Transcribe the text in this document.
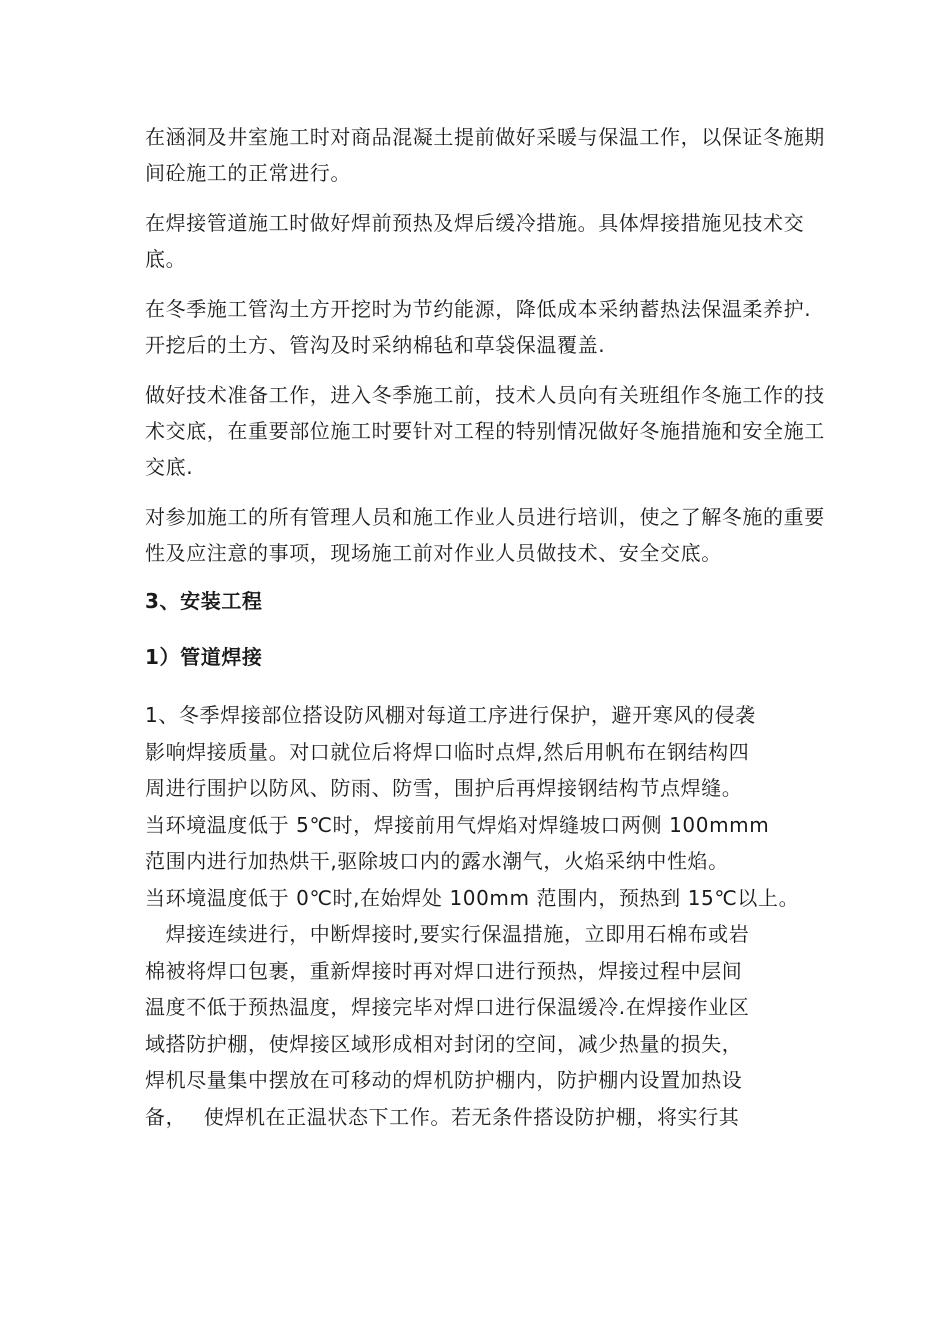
在涵洞及井室施工时对商品混凝土提前做好采暖与保温工作，以保证冬施期间砼施工的正常进行。

在焊接管道施工时做好焊前预热及焊后缓冷措施。具体焊接措施见技术交底。

在冬季施工管沟土方开挖时为节约能源，降低成本采纳蓄热法保温柔养护.开挖后的土方、管沟及时采纳棉毡和草袋保温覆盖.

做好技术准备工作，进入冬季施工前，技术人员向有关班组作冬施工作的技术交底，在重要部位施工时要针对工程的特别情况做好冬施措施和安全施工交底.

对参加施工的所有管理人员和施工作业人员进行培训，使之了解冬施的重要性及应注意的事项，现场施工前对作业人员做技术、安全交底。

3、安装工程
1）管道焊接
1、冬季焊接部位搭设防风棚对每道工序进行保护，避开寒风的侵袭
影响焊接质量。对口就位后将焊口临时点焊,然后用帆布在钢结构四
周进行围护以防风、防雨、防雪，围护后再焊接钢结构节点焊缝。
当环境温度低于 5℃时，焊接前用气焊焰对焊缝坡口两侧 100mmm
范围内进行加热烘干,驱除坡口内的露水潮气，火焰采纳中性焰。
当环境温度低于 0℃时,在始焊处 100mm 范围内，预热到 15℃以上。
　焊接连续进行，中断焊接时,要实行保温措施，立即用石棉布或岩
棉被将焊口包裹，重新焊接时再对焊口进行预热，焊接过程中层间
温度不低于预热温度，焊接完毕对焊口进行保温缓冷.在焊接作业区
域搭防护棚，使焊接区域形成相对封闭的空间，减少热量的损失，
焊机尽量集中摆放在可移动的焊机防护棚内，防护棚内设置加热设
备，　 使焊机在正温状态下工作。若无条件搭设防护棚，将实行其
